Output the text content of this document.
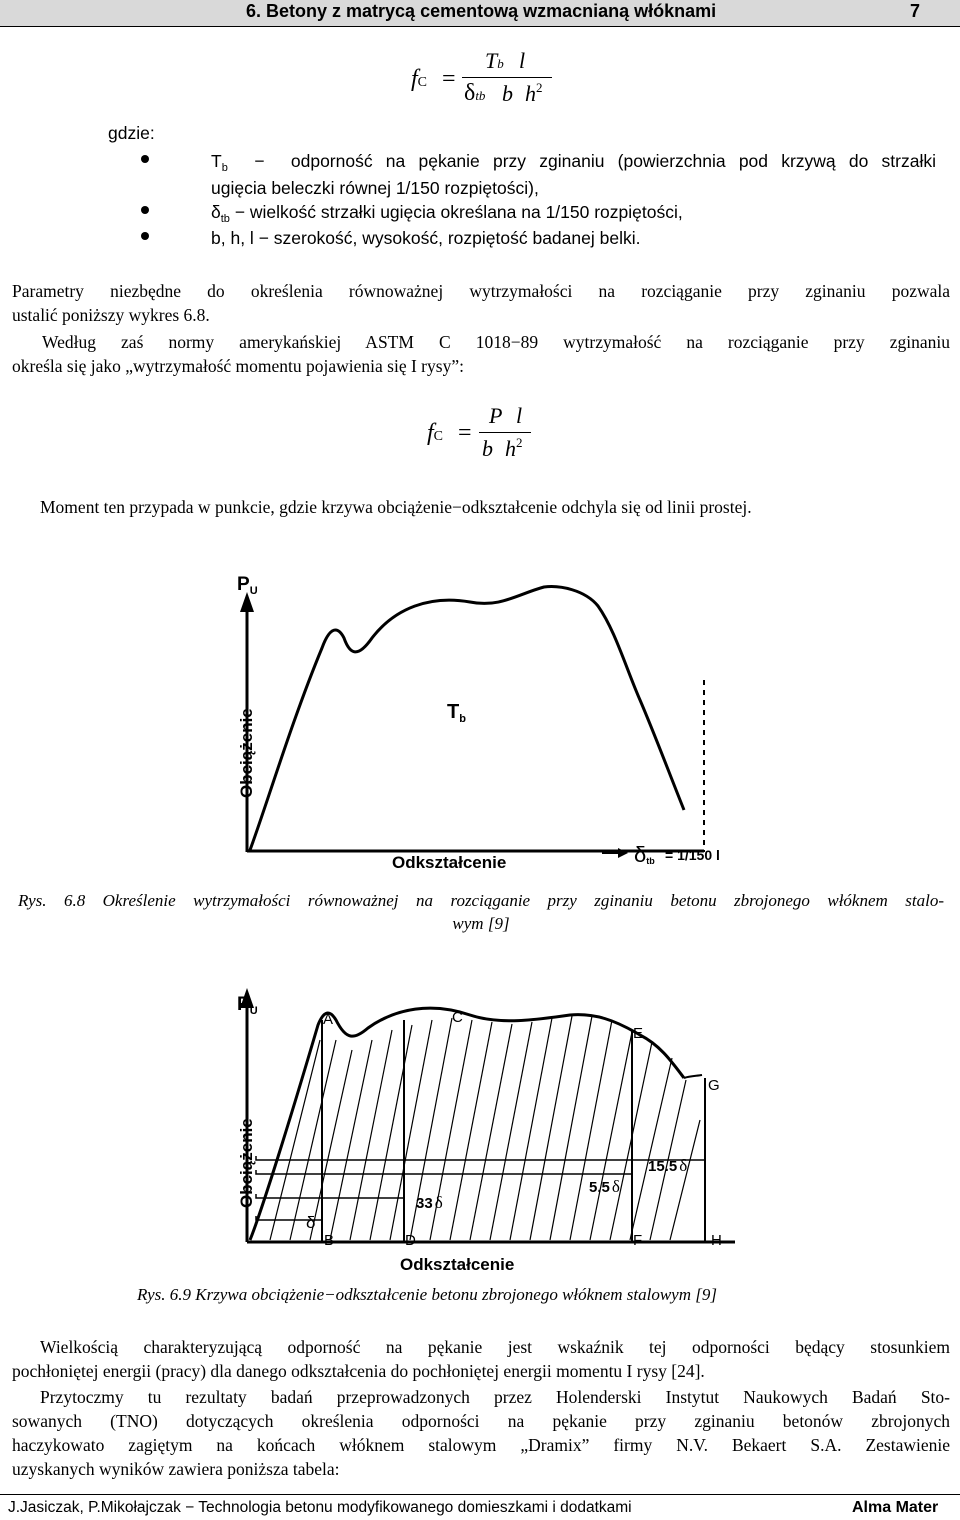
6. Betony z matrycą cementową wzmacnianą włóknami	7
fC =
Tb l
δtb b $h^2$
gdzie:
$T_b$  −  odporność na pękanie przy zginaniu (powierzchnia pod krzywą do strzałki
ugięcia beleczki równej 1/150 rozpiętości),
$\delta_{tb}$ − wielkość strzałki ugięcia określana na 1/150 rozpiętości,
b, h, l − szerokość, wysokość, rozpiętość badanej belki.
Parametry niezbędne do określenia równoważnej wytrzymałości na rozciąganie przy zginaniu pozwala
ustalić poniższy wykres 6.8.
Według zaś normy amerykańskiej ASTM C 1018−89 wytrzymałość na rozciąganie przy zginaniu
określa się jako „wytrzymałość momentu pojawienia się I rysy”:
fC =
P l
b $h^2$
Moment ten przypada w punkcie, gdzie krzywa obciążenie−odkształcenie odchyla się od linii prostej.
$P_U$
Obciążenie
Odkształcenie
$T_b$
δtb = 1/150 l
Rys. 6.8 Określenie wytrzymałości równoważnej na rozciąganie przy zginaniu betonu zbrojonego włóknem stalo-
wym [9]
$P_U$
Obciążenie
Odkształcenie
A	C
E
G
B	D	F	H
δ
33 δ
5.5 δ
15.5 δ
Rys. 6.9 Krzywa obciążenie−odkształcenie betonu zbrojonego włóknem stalowym [9]
Wielkością charakteryzującą odporność na pękanie jest wskaźnik tej odporności będący stosunkiem
pochłoniętej energii (pracy) dla danego odkształcenia do pochłoniętej energii momentu I rysy [24].
Przytoczmy tu rezultaty badań przeprowadzonych przez Holenderski Instytut Naukowych Badań Sto-
sowanych (TNO) dotyczących określenia odporności na pękanie przy zginaniu betonów zbrojonych
haczykowato zagiętym na końcach włóknem stalowym „Dramix” firmy N.V. Bekaert S.A. Zestawienie
uzyskanych wyników zawiera poniższa tabela:
J.Jasiczak, P.Mikołajczak − Technologia betonu modyfikowanego domieszkami i dodatkami	Alma Mater
